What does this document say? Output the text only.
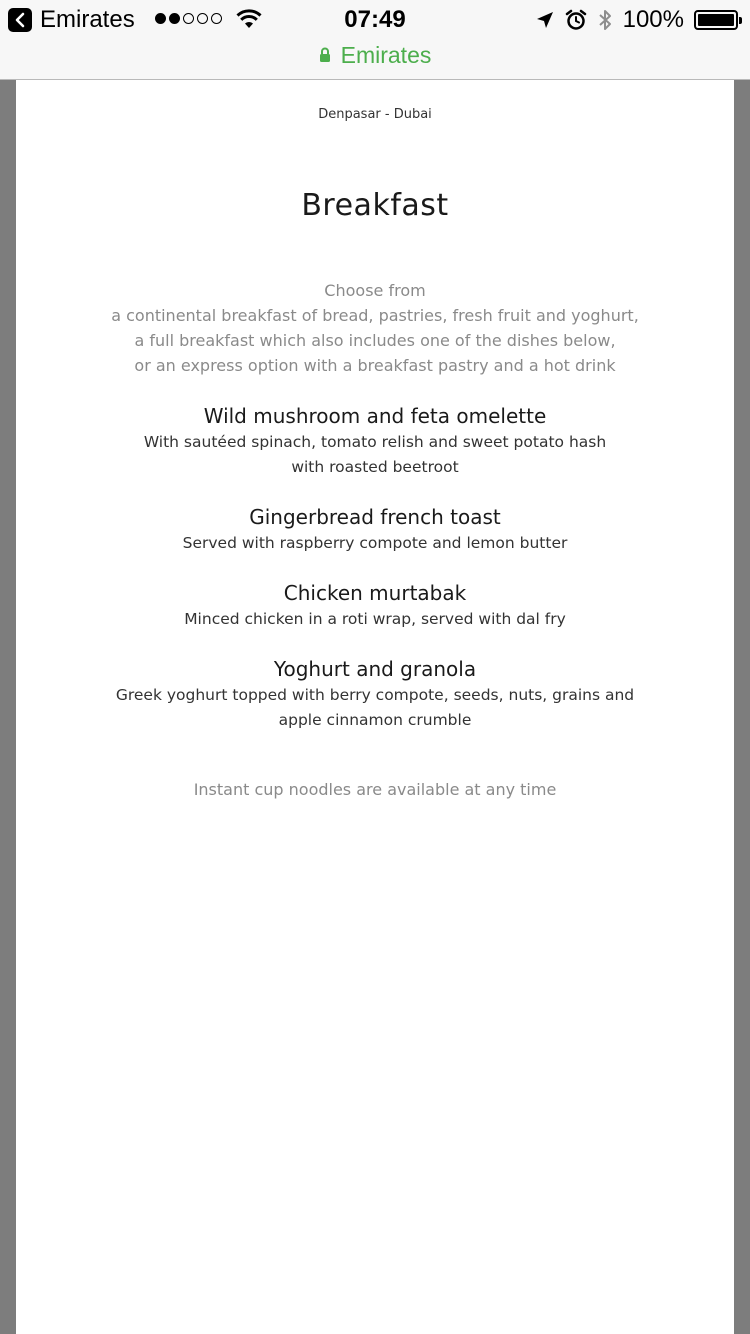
Emirates	07:49	100%
Emirates
Denpasar - Dubai
Breakfast
Choose from
a continental breakfast of bread, pastries, fresh fruit and yoghurt,
a full breakfast which also includes one of the dishes below,
or an express option with a breakfast pastry and a hot drink
Wild mushroom and feta omelette
With sautéed spinach, tomato relish and sweet potato hash
with roasted beetroot
Gingerbread french toast
Served with raspberry compote and lemon butter
Chicken murtabak
Minced chicken in a roti wrap, served with dal fry
Yoghurt and granola
Greek yoghurt topped with berry compote, seeds, nuts, grains and
apple cinnamon crumble
Instant cup noodles are available at any time
